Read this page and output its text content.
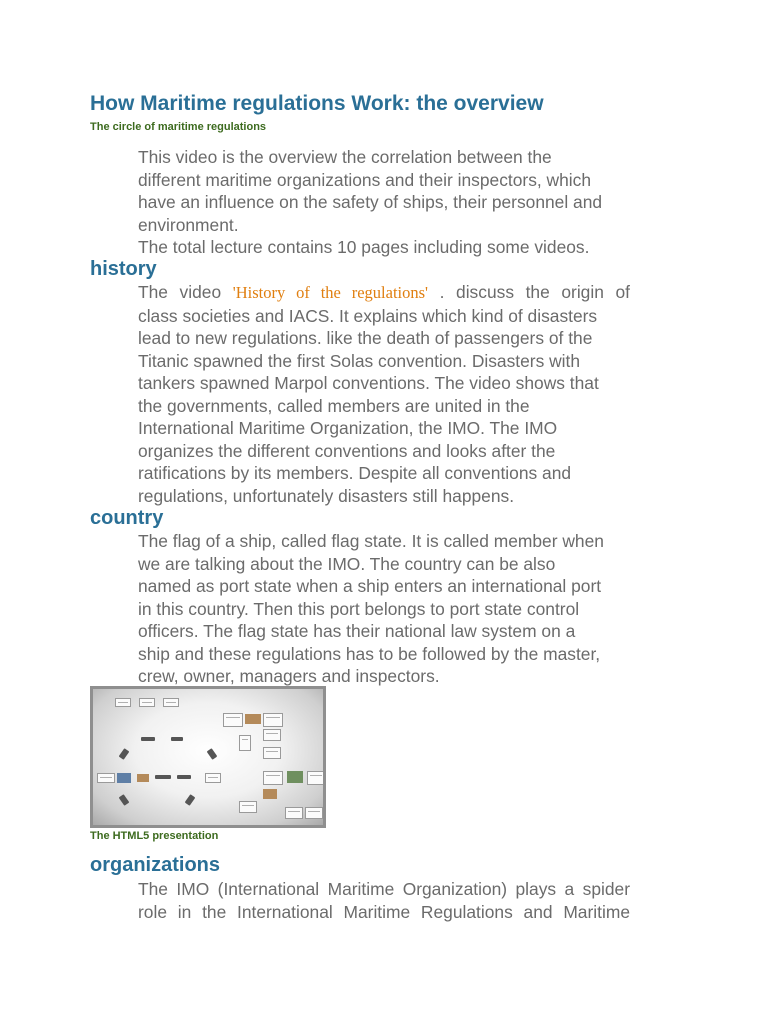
How Maritime regulations Work: the overview

The circle of maritime regulations

This video is the overview the correlation between the
different maritime organizations and their inspectors, which
have an influence on the safety of ships, their personnel and
environment.
The total lecture contains 10 pages including some videos.
history
The video 'History of the regulations' . discuss the origin of
class societies and IACS. It explains which kind of disasters
lead to new regulations. like the death of passengers of the
Titanic spawned the first Solas convention. Disasters with
tankers spawned Marpol conventions. The video shows that
the governments, called members are united in the
International Maritime Organization, the IMO. The IMO
organizes the different conventions and looks after the
ratifications by its members. Despite all conventions and
regulations, unfortunately disasters still happens.
country
The flag of a ship, called flag state. It is called member when
we are talking about the IMO. The country can be also
named as port state when a ship enters an international port
in this country. Then this port belongs to port state control
officers. The flag state has their national law system on a
ship and these regulations has to be followed by the master,
crew, owner, managers and inspectors.

The HTML5 presentation

organizations
The IMO (International Maritime Organization) plays a spider
role in the International Maritime Regulations and Maritime
